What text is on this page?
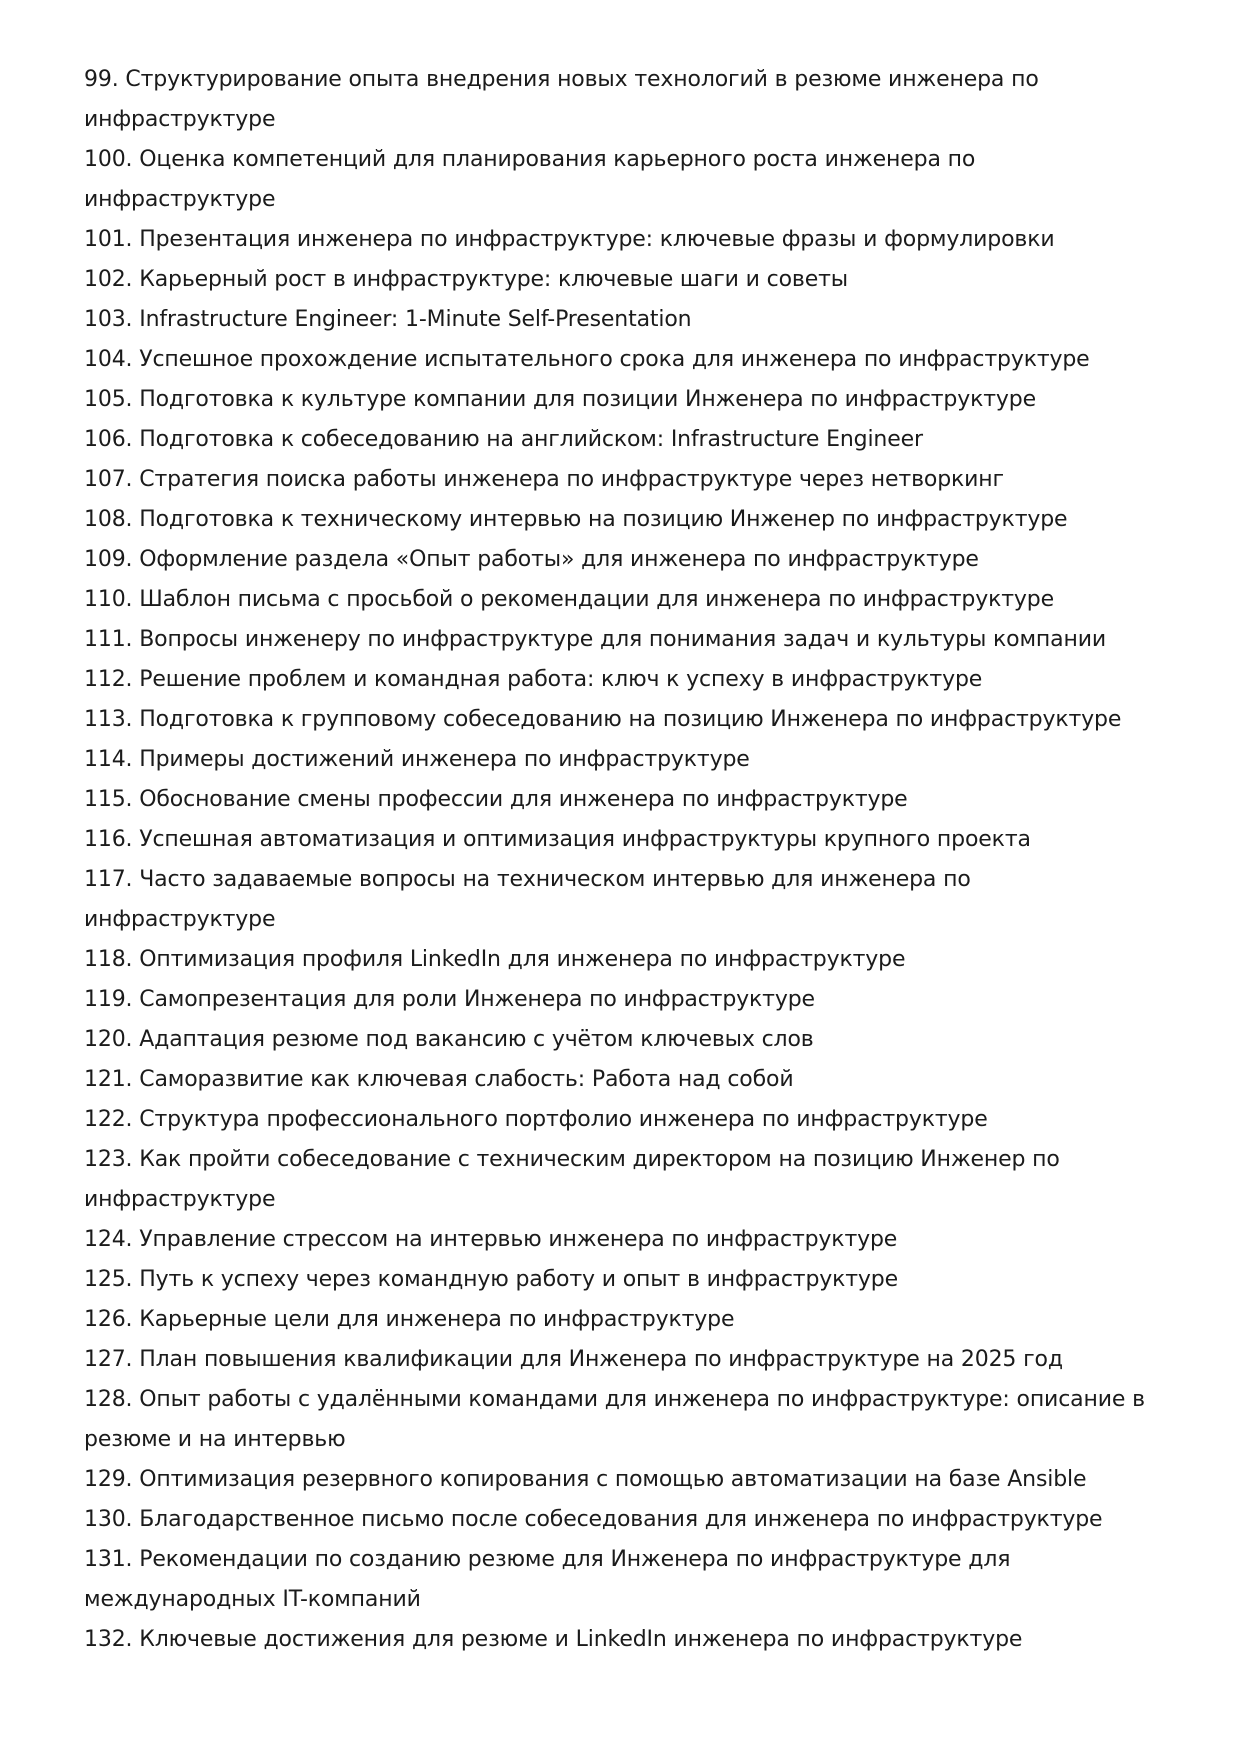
99. Структурирование опыта внедрения новых технологий в резюме инженера по инфраструктуре
100. Оценка компетенций для планирования карьерного роста инженера по инфраструктуре
101. Презентация инженера по инфраструктуре: ключевые фразы и формулировки
102. Карьерный рост в инфраструктуре: ключевые шаги и советы
103. Infrastructure Engineer: 1-Minute Self-Presentation
104. Успешное прохождение испытательного срока для инженера по инфраструктуре
105. Подготовка к культуре компании для позиции Инженера по инфраструктуре
106. Подготовка к собеседованию на английском: Infrastructure Engineer
107. Стратегия поиска работы инженера по инфраструктуре через нетворкинг
108. Подготовка к техническому интервью на позицию Инженер по инфраструктуре
109. Оформление раздела «Опыт работы» для инженера по инфраструктуре
110. Шаблон письма с просьбой о рекомендации для инженера по инфраструктуре
111. Вопросы инженеру по инфраструктуре для понимания задач и культуры компании
112. Решение проблем и командная работа: ключ к успеху в инфраструктуре
113. Подготовка к групповому собеседованию на позицию Инженера по инфраструктуре
114. Примеры достижений инженера по инфраструктуре
115. Обоснование смены профессии для инженера по инфраструктуре
116. Успешная автоматизация и оптимизация инфраструктуры крупного проекта
117. Часто задаваемые вопросы на техническом интервью для инженера по инфраструктуре
118. Оптимизация профиля LinkedIn для инженера по инфраструктуре
119. Самопрезентация для роли Инженера по инфраструктуре
120. Адаптация резюме под вакансию с учётом ключевых слов
121. Саморазвитие как ключевая слабость: Работа над собой
122. Структура профессионального портфолио инженера по инфраструктуре
123. Как пройти собеседование с техническим директором на позицию Инженер по инфраструктуре
124. Управление стрессом на интервью инженера по инфраструктуре
125. Путь к успеху через командную работу и опыт в инфраструктуре
126. Карьерные цели для инженера по инфраструктуре
127. План повышения квалификации для Инженера по инфраструктуре на 2025 год
128. Опыт работы с удалёнными командами для инженера по инфраструктуре: описание в резюме и на интервью
129. Оптимизация резервного копирования с помощью автоматизации на базе Ansible
130. Благодарственное письмо после собеседования для инженера по инфраструктуре
131. Рекомендации по созданию резюме для Инженера по инфраструктуре для международных IT-компаний
132. Ключевые достижения для резюме и LinkedIn инженера по инфраструктуре
